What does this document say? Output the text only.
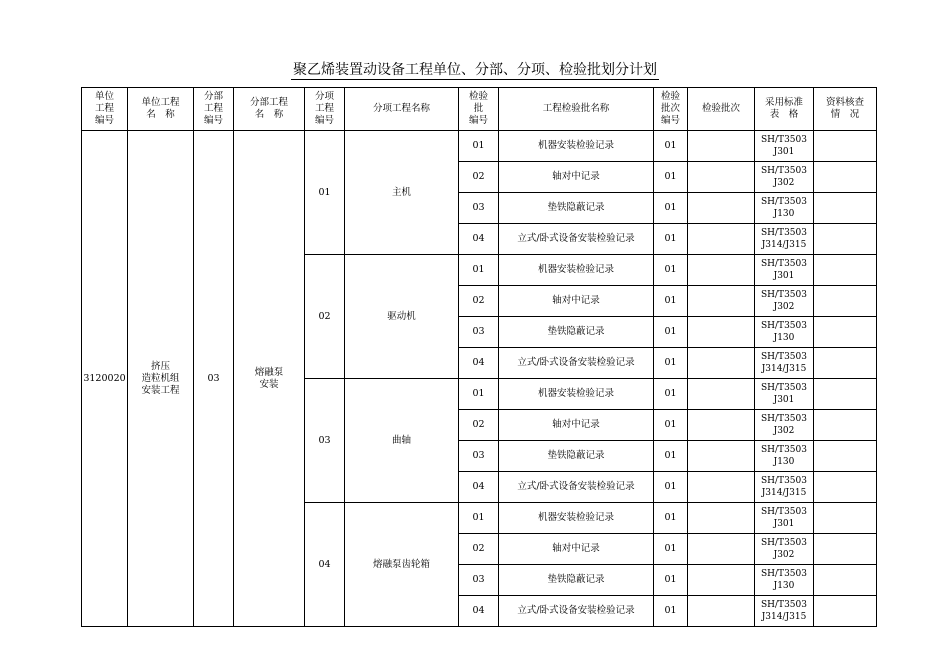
聚乙烯装置动设备工程单位、分部、分项、检验批划分计划
单位
工程
编号	单位工程
名　称	分部
工程
编号	分部工程
名　称	分项
工程
编号	分项工程名称	检验
批
编号	工程检验批名称	检验
批次
编号	检验批次	采用标准
表　格	资料核查
情　况
3120020	挤压
造粒机组
安装工程	03	熔融泵
安装	01	主机	01	机器安装检验记录	01		SH/T3503
J301	
						02	轴对中记录	01		SH/T3503
J302	
						03	垫铁隐蔽记录	01		SH/T3503
J130	
						04	立式/卧式设备安装检验记录	01		SH/T3503
J314/J315	
				02	驱动机	01	机器安装检验记录	01		SH/T3503
J301	
						02	轴对中记录	01		SH/T3503
J302	
						03	垫铁隐蔽记录	01		SH/T3503
J130	
						04	立式/卧式设备安装检验记录	01		SH/T3503
J314/J315	
				03	曲轴	01	机器安装检验记录	01		SH/T3503
J301	
						02	轴对中记录	01		SH/T3503
J302	
						03	垫铁隐蔽记录	01		SH/T3503
J130	
						04	立式/卧式设备安装检验记录	01		SH/T3503
J314/J315	
				04	熔融泵齿轮箱	01	机器安装检验记录	01		SH/T3503
J301	
						02	轴对中记录	01		SH/T3503
J302	
						03	垫铁隐蔽记录	01		SH/T3503
J130	
						04	立式/卧式设备安装检验记录	01		SH/T3503
J314/J315	
